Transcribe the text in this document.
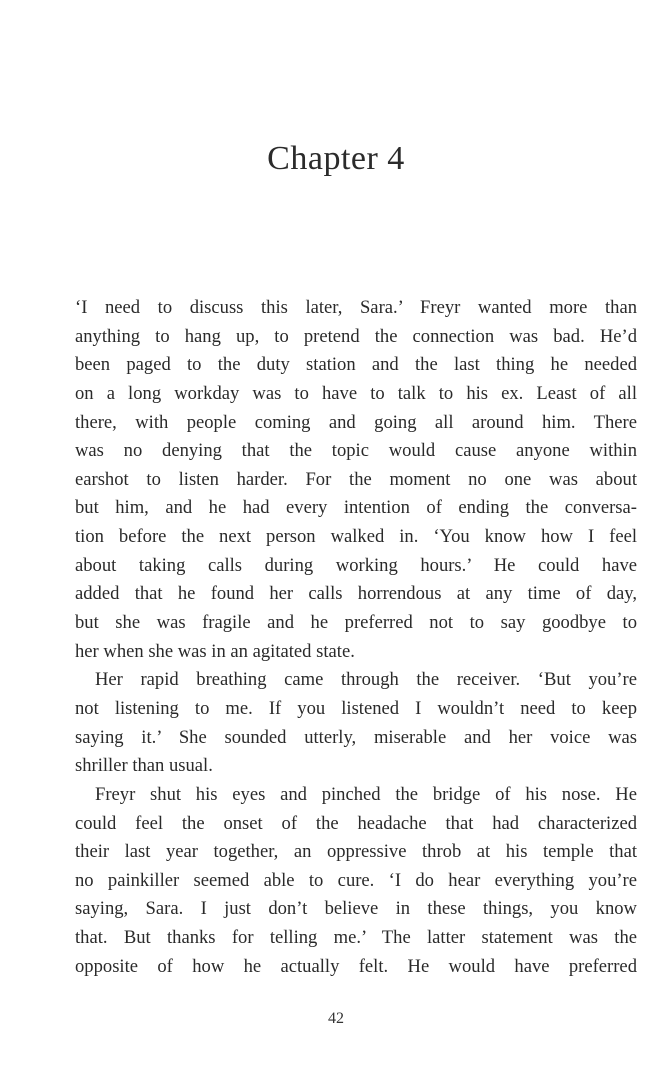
Chapter 4
‘I need to discuss this later, Sara.’ Freyr wanted more than
anything to hang up, to pretend the connection was bad. He’d
been paged to the duty station and the last thing he needed
on a long workday was to have to talk to his ex. Least of all
there, with people coming and going all around him. There
was no denying that the topic would cause anyone within
earshot to listen harder. For the moment no one was about
but him, and he had every intention of ending the conversa-
tion before the next person walked in. ‘You know how I feel
about taking calls during working hours.’ He could have
added that he found her calls horrendous at any time of day,
but she was fragile and he preferred not to say goodbye to
her when she was in an agitated state.
Her rapid breathing came through the receiver. ‘But you’re
not listening to me. If you listened I wouldn’t need to keep
saying it.’ She sounded utterly, miserable and her voice was
shriller than usual.
Freyr shut his eyes and pinched the bridge of his nose. He
could feel the onset of the headache that had characterized
their last year together, an oppressive throb at his temple that
no painkiller seemed able to cure. ‘I do hear everything you’re
saying, Sara. I just don’t believe in these things, you know
that. But thanks for telling me.’ The latter statement was the
opposite of how he actually felt. He would have preferred
42
